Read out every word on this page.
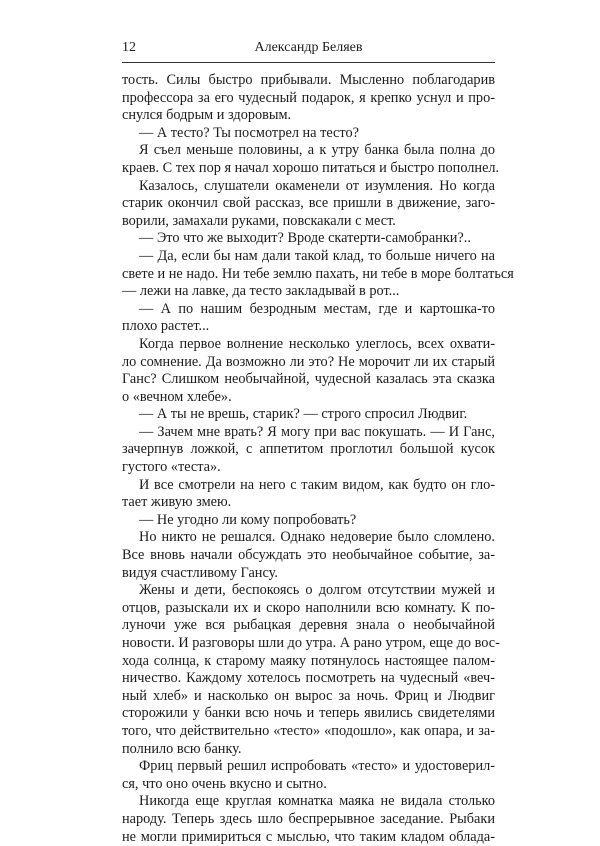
12	Александр Беляев
тость. Силы быстро прибывали. Мысленно поблагодарив
профессора за его чудесный подарок, я крепко уснул и про-
снулся бодрым и здоровым.
— А тесто? Ты посмотрел на тесто?
Я съел меньше половины, а к утру банка была полна до
краев. С тех пор я начал хорошо питаться и быстро пополнел.
Казалось, слушатели окаменели от изумления. Но когда
старик окончил свой рассказ, все пришли в движение, заго-
ворили, замахали руками, повскакали с мест.
— Это что же выходит? Вроде скатерти-самобранки?..
— Да, если бы нам дали такой клад, то больше ничего на
свете и не надо. Ни тебе землю пахать, ни тебе в море болтаться
— лежи на лавке, да тесто закладывай в рот...
— А по нашим безродным местам, где и картошка-то
плохо растет...
Когда первое волнение несколько улеглось, всех охвати-
ло сомнение. Да возможно ли это? Не морочит ли их старый
Ганс? Слишком необычайной, чудесной казалась эта сказка
о «вечном хлебе».
— А ты не врешь, старик? — строго спросил Людвиг.
— Зачем мне врать? Я могу при вас покушать. — И Ганс,
зачерпнув ложкой, с аппетитом проглотил большой кусок
густого «теста».
И все смотрели на него с таким видом, как будто он гло-
тает живую змею.
— Не угодно ли кому попробовать?
Но никто не решался. Однако недоверие было сломлено.
Все вновь начали обсуждать это необычайное событие, за-
видуя счастливому Гансу.
Жены и дети, беспокоясь о долгом отсутствии мужей и
отцов, разыскали их и скоро наполнили всю комнату. К по-
луночи уже вся рыбацкая деревня знала о необычайной
новости. И разговоры шли до утра. А рано утром, еще до вос-
хода солнца, к старому маяку потянулось настоящее палом-
ничество. Каждому хотелось посмотреть на чудесный «веч-
ный хлеб» и насколько он вырос за ночь. Фриц и Людвиг
сторожили у банки всю ночь и теперь явились свидетелями
того, что действительно «тесто» «подошло», как опара, и за-
полнило всю банку.
Фриц первый решил испробовать «тесто» и удостоверил-
ся, что оно очень вкусно и сытно.
Никогда еще круглая комнатка маяка не видала столько
народу. Теперь здесь шло беспрерывное заседание. Рыбаки
не могли примириться с мыслью, что таким кладом облада-
